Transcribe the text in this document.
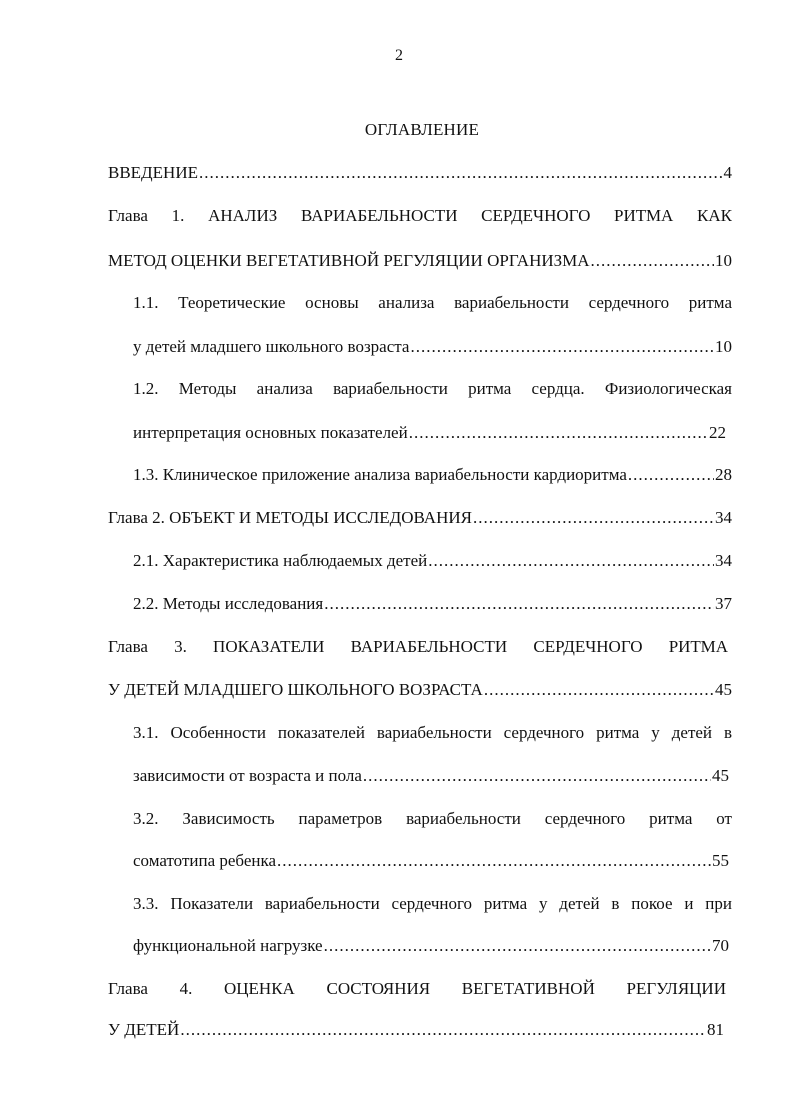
2
ОГЛАВЛЕНИЕ
ВВЕДЕНИЕ .....	4
Глава 1. АНАЛИЗ ВАРИАБЕЛЬНОСТИ СЕРДЕЧНОГО РИТМА КАК
МЕТОД ОЦЕНКИ ВЕГЕТАТИВНОЙ РЕГУЛЯЦИИ ОРГАНИЗМА .....	10
1.1. Теоретические основы анализа вариабельности сердечного ритма
у детей младшего школьного возраста .....	10
1.2. Методы анализа вариабельности ритма сердца. Физиологическая
интерпретация основных показателей .....	22
1.3. Клиническое приложение анализа вариабельности кардиоритма .....	28
Глава 2. ОБЪЕКТ И МЕТОДЫ ИССЛЕДОВАНИЯ .....	34
2.1. Характеристика наблюдаемых детей .....	34
2.2. Методы исследования .....	37
Глава 3. ПОКАЗАТЕЛИ ВАРИАБЕЛЬНОСТИ СЕРДЕЧНОГО РИТМА
У ДЕТЕЙ МЛАДШЕГО ШКОЛЬНОГО ВОЗРАСТА .....	45
3.1. Особенности показателей вариабельности сердечного ритма у детей в
зависимости от возраста и пола .....	45
3.2. Зависимость параметров вариабельности сердечного ритма от
соматотипа ребенка .....	55
3.3. Показатели вариабельности сердечного ритма у детей в покое и при
функциональной нагрузке .....	70
Глава 4. ОЦЕНКА СОСТОЯНИЯ ВЕГЕТАТИВНОЙ РЕГУЛЯЦИИ
У ДЕТЕЙ .....	81
